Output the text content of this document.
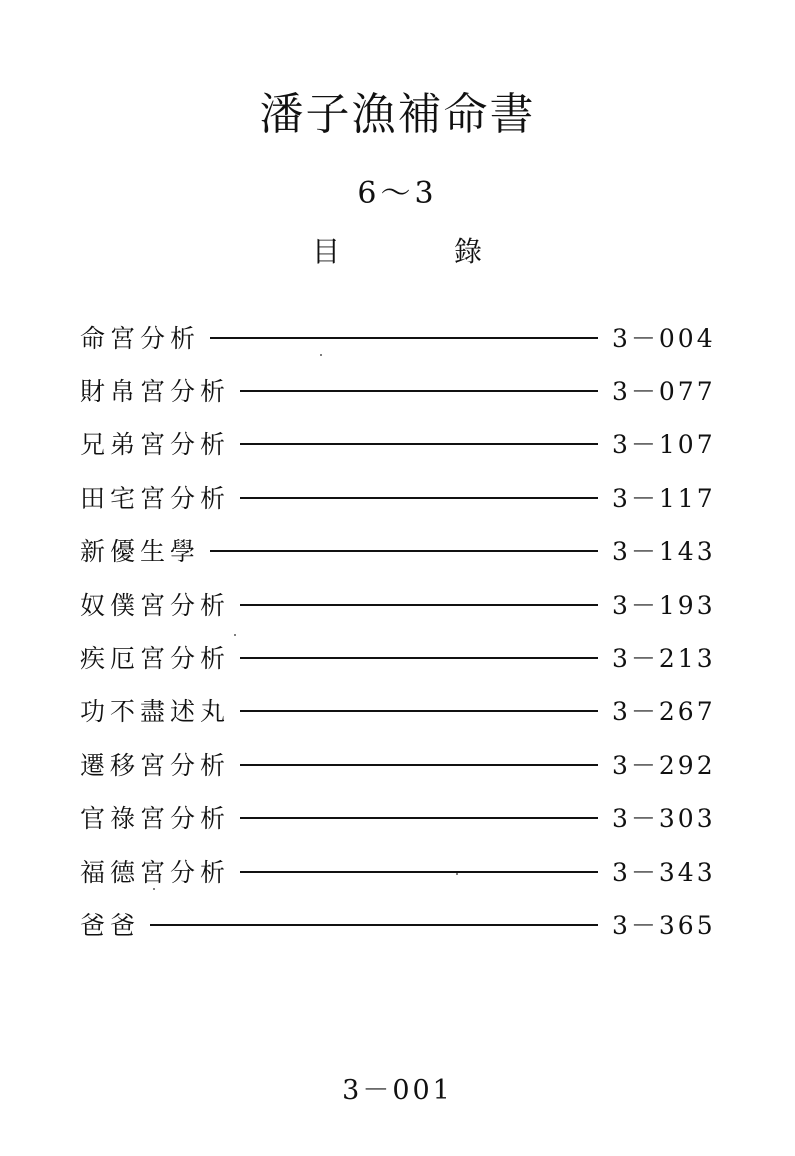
潘子漁補命書
6～3
目	錄
命宮分析	3－004
財帛宮分析	3－077
兄弟宮分析	3－107
田宅宮分析	3－117
新優生學	3－143
奴僕宮分析	3－193
疾厄宮分析	3－213
功不盡述丸	3－267
遷移宮分析	3－292
官祿宮分析	3－303
福德宮分析	3－343
爸爸	3－365
3－001
